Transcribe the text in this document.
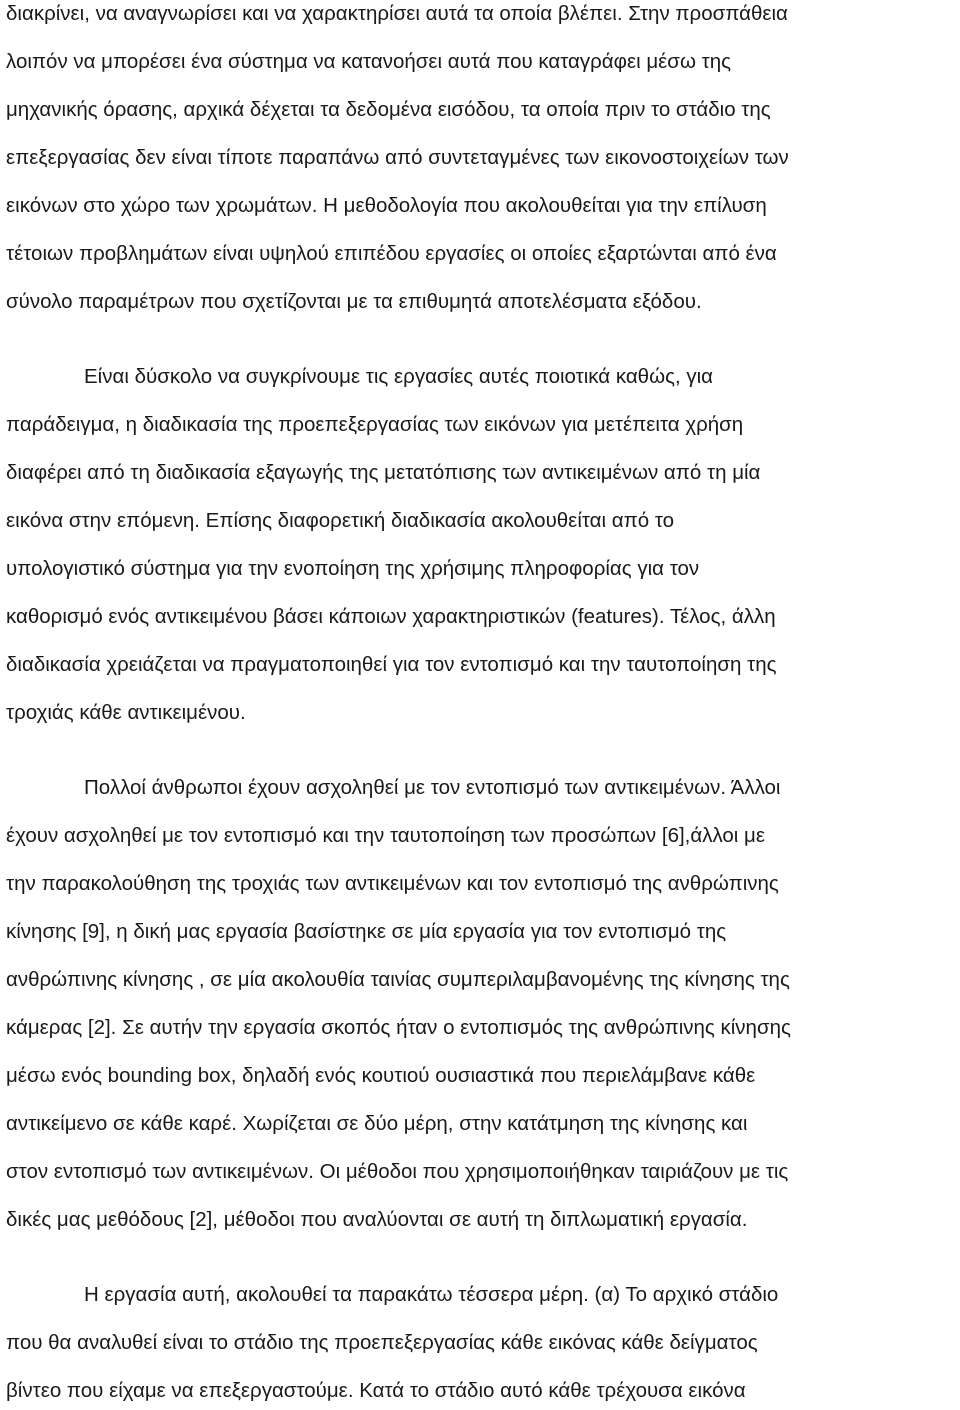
διακρίνει, να αναγνωρίσει και να χαρακτηρίσει αυτά τα οποία βλέπει. Στην προσπάθεια
λοιπόν να μπορέσει ένα σύστημα να κατανοήσει αυτά που καταγράφει μέσω της
μηχανικής όρασης, αρχικά δέχεται τα δεδομένα εισόδου, τα οποία πριν το στάδιο της
επεξεργασίας δεν είναι τίποτε παραπάνω από συντεταγμένες των εικονοστοιχείων των
εικόνων στο χώρο των χρωμάτων. Η μεθοδολογία που ακολουθείται για την επίλυση
τέτοιων προβλημάτων είναι υψηλού επιπέδου εργασίες οι οποίες εξαρτώνται από ένα
σύνολο παραμέτρων που σχετίζονται με τα επιθυμητά αποτελέσματα εξόδου.
Είναι δύσκολο να συγκρίνουμε τις εργασίες αυτές ποιοτικά καθώς, για
παράδειγμα, η διαδικασία της προεπεξεργασίας των εικόνων για μετέπειτα χρήση
διαφέρει από τη διαδικασία εξαγωγής της μετατόπισης των αντικειμένων από τη μία
εικόνα στην επόμενη. Επίσης διαφορετική διαδικασία ακολουθείται από το
υπολογιστικό σύστημα για την ενοποίηση της χρήσιμης πληροφορίας για τον
καθορισμό ενός αντικειμένου βάσει κάποιων χαρακτηριστικών (features). Τέλος, άλλη
διαδικασία χρειάζεται να πραγματοποιηθεί για τον εντοπισμό και την ταυτοποίηση της
τροχιάς κάθε αντικειμένου.
Πολλοί άνθρωποι έχουν ασχοληθεί με τον εντοπισμό των αντικειμένων. Άλλοι
έχουν ασχοληθεί με τον εντοπισμό και την ταυτοποίηση των προσώπων [6],άλλοι με
την παρακολούθηση της τροχιάς των αντικειμένων και τον εντοπισμό της ανθρώπινης
κίνησης [9], η δική μας εργασία βασίστηκε σε μία εργασία για τον εντοπισμό της
ανθρώπινης κίνησης , σε μία ακολουθία ταινίας συμπεριλαμβανομένης της κίνησης της
κάμερας [2]. Σε αυτήν την εργασία σκοπός ήταν ο εντοπισμός της ανθρώπινης κίνησης
μέσω ενός bounding box, δηλαδή ενός κουτιού ουσιαστικά που περιελάμβανε κάθε
αντικείμενο σε κάθε καρέ. Χωρίζεται σε δύο μέρη, στην κατάτμηση της κίνησης και
στον εντοπισμό των αντικειμένων. Οι μέθοδοι που χρησιμοποιήθηκαν ταιριάζουν με τις
δικές μας μεθόδους [2], μέθοδοι που αναλύονται σε αυτή τη διπλωματική εργασία.
Η εργασία αυτή, ακολουθεί τα παρακάτω τέσσερα μέρη. (α) Το αρχικό στάδιο
που θα αναλυθεί είναι το στάδιο της προεπεξεργασίας κάθε εικόνας κάθε δείγματος
βίντεο που είχαμε να επεξεργαστούμε. Κατά το στάδιο αυτό κάθε τρέχουσα εικόνα
